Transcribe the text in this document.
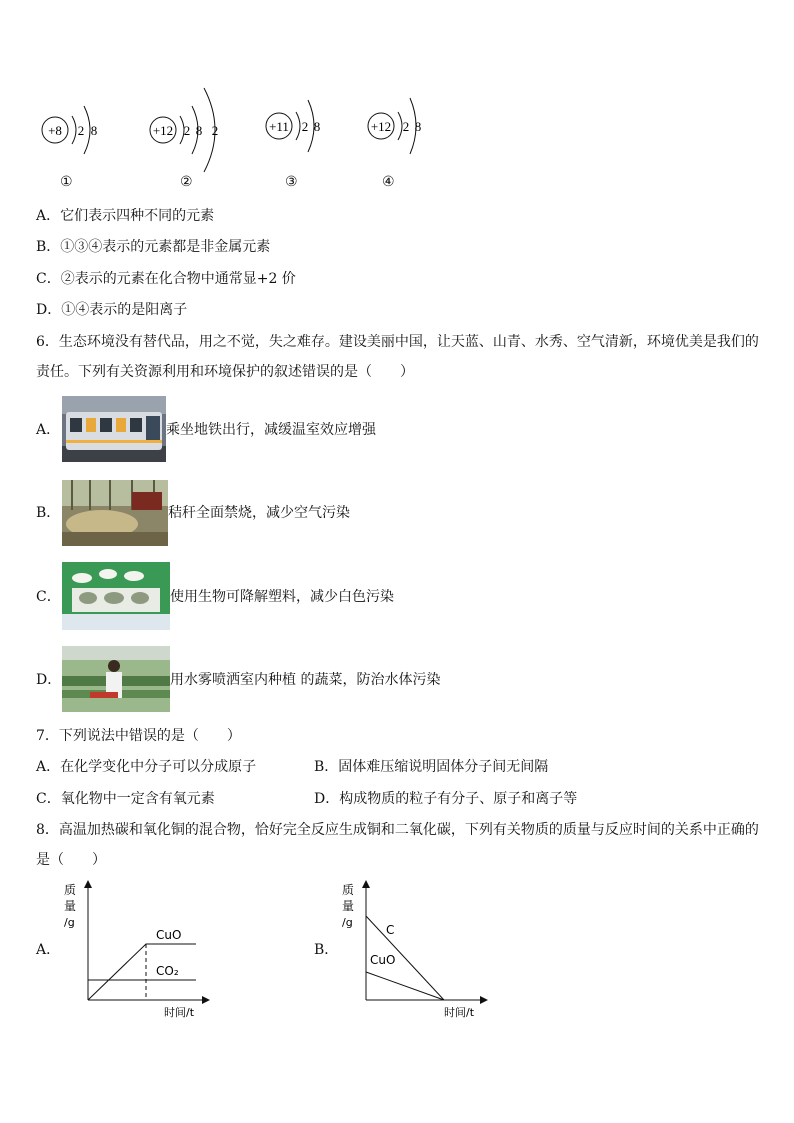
+8 2 8
①
+12 2 8 2
②
+11 2 8
③
+12 2 8
④
A．它们表示四种不同的元素
B．①③④表示的元素都是非金属元素
C．②表示的元素在化合物中通常显+2 价
D．①④表示的是阳离子
6．生态环境没有替代品，用之不觉，失之难存。建设美丽中国，让天蓝、山青、水秀、空气清新，环境优美是我们的
责任。下列有关资源利用和环境保护的叙述错误的是（　　）
A．	乘坐地铁出行，减缓温室效应增强
B．	秸秆全面禁烧，减少空气污染
C．	使用生物可降解塑料，减少白色污染
D．	用水雾喷洒室内种植 的蔬菜，防治水体污染
7．下列说法中错误的是（　　）
A．在化学变化中分子可以分成原子	B．固体难压缩说明固体分子间无间隔
C．氧化物中一定含有氧元素	D．构成物质的粒子有分子、原子和离子等
8．高温加热碳和氧化铜的混合物，恰好完全反应生成铜和二氧化碳，下列有关物质的质量与反应时间的关系中正确的
是（　　）
A．
质
量
/g
CuO
CO₂
时间/t
B．
质
量
/g
C
CuO
时间/t
